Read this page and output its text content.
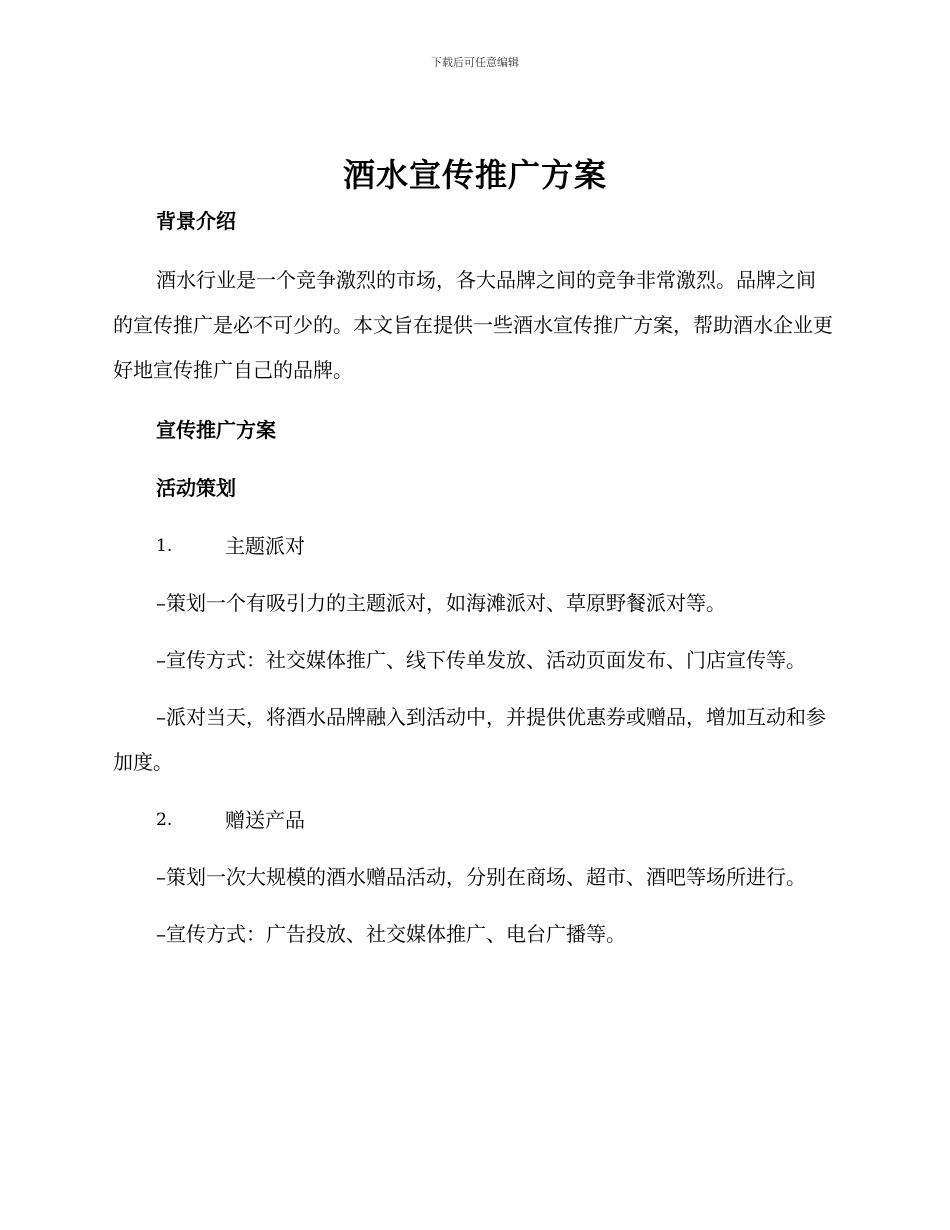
下载后可任意编辑
酒水宣传推广方案

背景介绍

酒水行业是一个竞争激烈的市场，各大品牌之间的竞争非常激烈。品牌之间的宣传推广是必不可少的。本文旨在提供一些酒水宣传推广方案，帮助酒水企业更好地宣传推广自己的品牌。

宣传推广方案

活动策划

1.	主题派对

–策划一个有吸引力的主题派对，如海滩派对、草原野餐派对等。

–宣传方式：社交媒体推广、线下传单发放、活动页面发布、门店宣传等。

–派对当天，将酒水品牌融入到活动中，并提供优惠券或赠品，增加互动和参加度。

2.	赠送产品

–策划一次大规模的酒水赠品活动，分别在商场、超市、酒吧等场所进行。

–宣传方式：广告投放、社交媒体推广、电台广播等。
